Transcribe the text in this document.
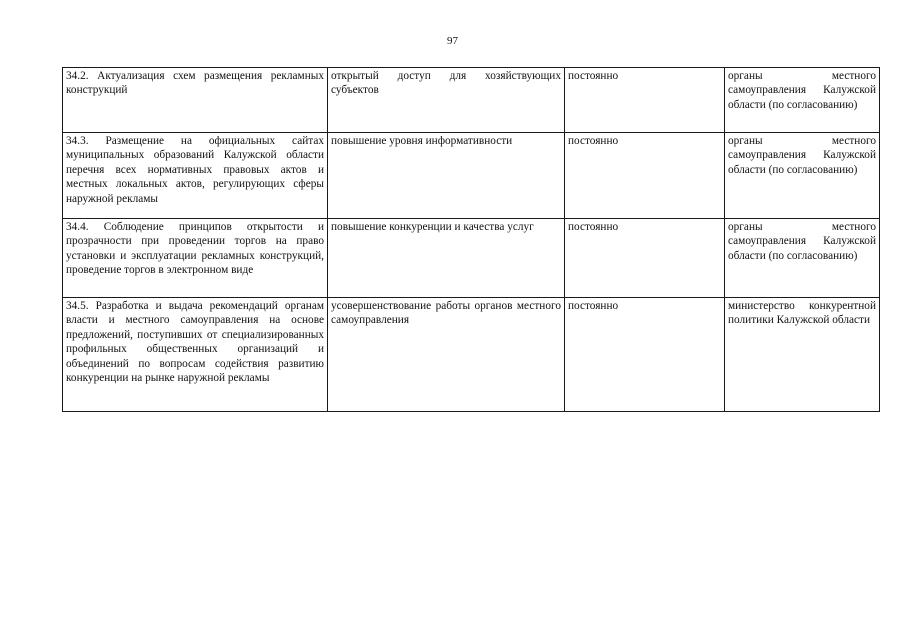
97
34.2. Актуализация схем размещения рекламных конструкций	открытый доступ для хозяйствующих субъектов	постоянно	органы местного самоуправления Калужской области (по согласованию)
34.3. Размещение на официальных сайтах муниципальных образований Калужской области перечня всех нормативных правовых актов и местных локальных актов, регулирующих сферы наружной рекламы	повышение уровня информативности	постоянно	органы местного самоуправления Калужской области (по согласованию)
34.4. Соблюдение принципов открытости и прозрачности при проведении торгов на право установки и эксплуатации рекламных конструкций, проведение торгов в электронном виде	повышение конкуренции и качества услуг	постоянно	органы местного самоуправления Калужской области (по согласованию)
34.5. Разработка и выдача рекомендаций органам власти и местного самоуправления на основе предложений, поступивших от специализированных профильных общественных организаций и объединений по вопросам содействия развитию конкуренции на рынке наружной рекламы	усовершенствование работы органов местного самоуправления	постоянно	министерство конкурентной политики Калужской области
